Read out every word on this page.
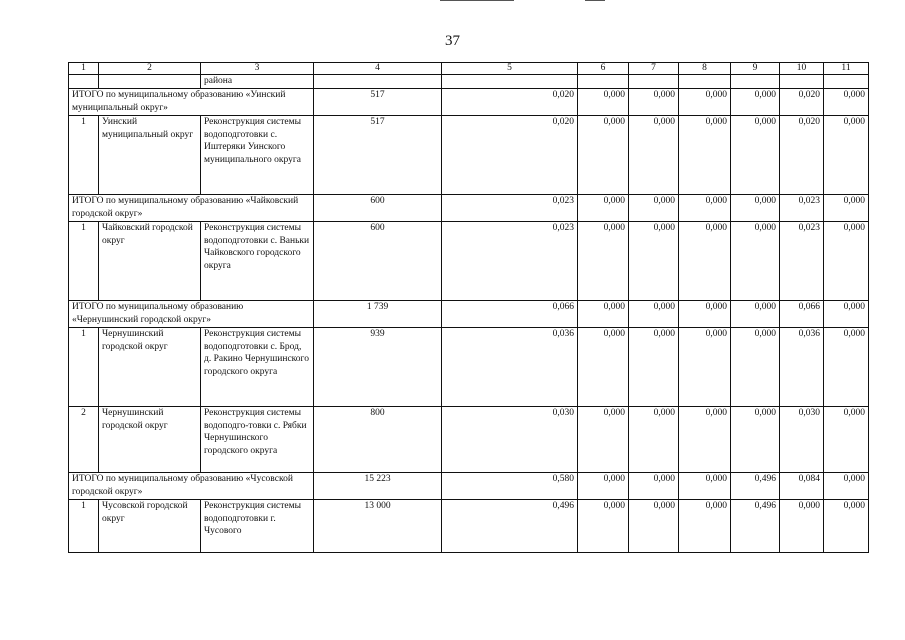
37
1	2	3	4	5	6	7	8	9	10	11
		района								
ИТОГО по муниципальному образованию «Уинский муниципальный округ»			517	0,020	0,000	0,000	0,000	0,000	0,020	0,000
1	Уинский муниципальный округ	Реконструкция системы водоподготовки с. Иштеряки Уинского муниципального округа	517	0,020	0,000	0,000	0,000	0,000	0,020	0,000
ИТОГО по муниципальному образованию «Чайковский городской округ»			600	0,023	0,000	0,000	0,000	0,000	0,023	0,000
1	Чайковский городской округ	Реконструкция системы водоподготовки с. Ваньки Чайковского городского округа	600	0,023	0,000	0,000	0,000	0,000	0,023	0,000
ИТОГО по муниципальному образованию «Чернушинский городской округ»			1 739	0,066	0,000	0,000	0,000	0,000	0,066	0,000
1	Чернушинский городской округ	Реконструкция системы водоподготовки с. Брод, д. Ракино Чернушинского городского округа	939	0,036	0,000	0,000	0,000	0,000	0,036	0,000
2	Чернушинский городской округ	Реконструкция системы водоподго-товки с. Рябки Чернушинского городского округа	800	0,030	0,000	0,000	0,000	0,000	0,030	0,000
ИТОГО по муниципальному образованию «Чусовской городской округ»			15 223	0,580	0,000	0,000	0,000	0,496	0,084	0,000
1	Чусовской городской округ	Реконструкция системы водоподготовки г. Чусового	13 000	0,496	0,000	0,000	0,000	0,496	0,000	0,000
